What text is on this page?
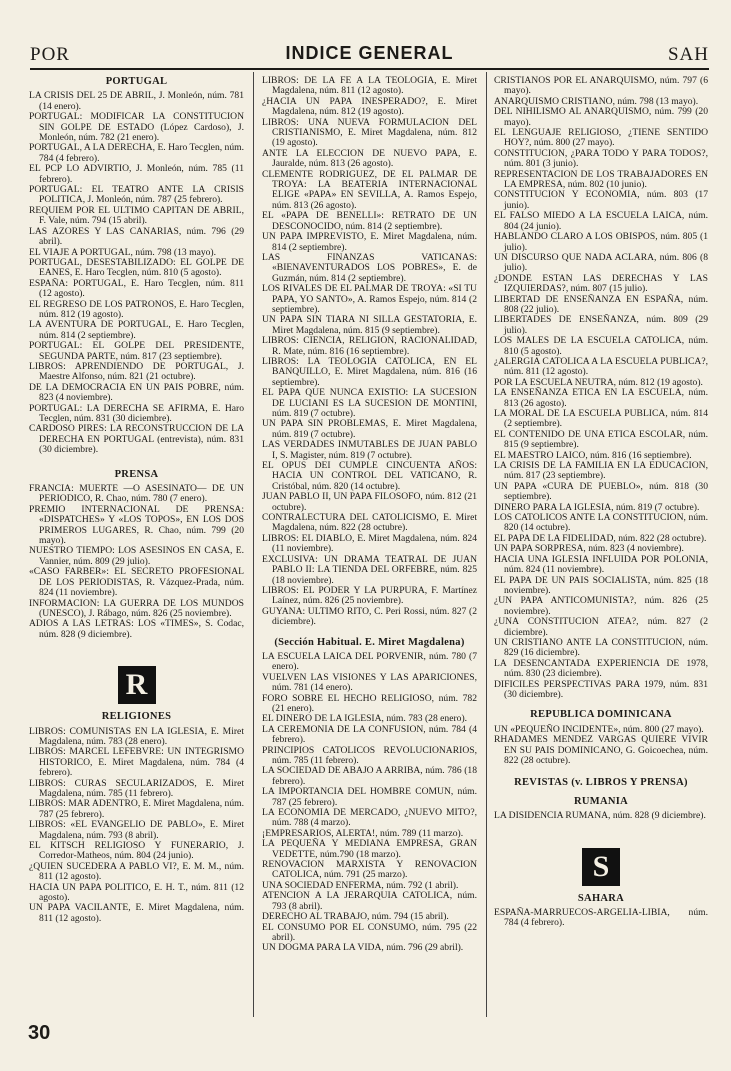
POR	INDICE GENERAL	SAH
PORTUGAL

LA CRISIS DEL 25 DE ABRIL, J. Monleón, núm. 781 (14 enero).

PORTUGAL: MODIFICAR LA CONSTITUCION SIN GOLPE DE ESTADO (López Cardoso), J. Monleón, núm. 782 (21 enero).

PORTUGAL, A LA DERECHA, E. Haro Tecglen, núm. 784 (4 febrero).

EL PCP LO ADVIRTIO, J. Monleón, núm. 785 (11 febrero).

PORTUGAL: EL TEATRO ANTE LA CRISIS POLITICA, J. Monleón, núm. 787 (25 febrero).

REQUIEM POR EL ULTIMO CAPITAN DE ABRIL, F. Vale, núm. 794 (15 abril).

LAS AZORES Y LAS CANARIAS, núm. 796 (29 abril).

EL VIAJE A PORTUGAL, núm. 798 (13 mayo).

PORTUGAL, DESESTABILIZADO: EL GOLPE DE EANES, E. Haro Tecglen, núm. 810 (5 agosto).

ESPAÑA: PORTUGAL, E. Haro Tecglen, núm. 811 (12 agosto).

EL REGRESO DE LOS PATRONOS, E. Haro Tecglen, núm. 812 (19 agosto).

LA AVENTURA DE PORTUGAL, E. Haro Tecglen, núm. 814 (2 septiembre).

PORTUGAL: EL GOLPE DEL PRESIDENTE, SEGUNDA PARTE, núm. 817 (23 septiembre).

LIBROS: APRENDIENDO DE PORTUGAL, J. Maestre Alfonso, núm. 821 (21 octubre).

DE LA DEMOCRACIA EN UN PAIS POBRE, núm. 823 (4 noviembre).

PORTUGAL: LA DERECHA SE AFIRMA, E. Haro Tecglen, núm. 831 (30 diciembre).

CARDOSO PIRES: LA RECONSTRUCCION DE LA DERECHA EN PORTUGAL (entrevista), núm. 831 (30 diciembre).

PRENSA

FRANCIA: MUERTE —O ASESINATO— DE UN PERIODICO, R. Chao, núm. 780 (7 enero).

PREMIO INTERNACIONAL DE PRENSA: «DISPATCHES» Y «LOS TOPOS», EN LOS DOS PRIMEROS LUGARES, R. Chao, núm. 799 (20 mayo).

NUESTRO TIEMPO: LOS ASESINOS EN CASA, E. Vannier, núm. 809 (29 julio).

«CASO FARBER»: EL SECRETO PROFESIONAL DE LOS PERIODISTAS, R. Vázquez-Prada, núm. 824 (11 noviembre).

INFORMACION: LA GUERRA DE LOS MUNDOS (UNESCO), J. Rábago, núm. 826 (25 noviembre).

ADIOS A LAS LETRAS: LOS «TIMES», S. Codac, núm. 828 (9 diciembre).

R
RELIGIONES

LIBROS: COMUNISTAS EN LA IGLESIA, E. Miret Magdalena, núm. 783 (28 enero).

LIBROS: MARCEL LEFEBVRE: UN INTEGRISMO HISTORICO, E. Miret Magdalena, núm. 784 (4 febrero).

LIBROS: CURAS SECULARIZADOS, E. Miret Magdalena, núm. 785 (11 febrero).

LIBROS: MAR ADENTRO, E. Miret Magdalena, núm. 787 (25 febrero).

LIBROS: «EL EVANGELIO DE PABLO», E. Miret Magdalena, núm. 793 (8 abril).

EL KITSCH RELIGIOSO Y FUNERARIO, J. Corredor-Matheos, núm. 804 (24 junio).

¿QUIEN SUCEDERA A PABLO VI?, E. M. M., núm. 811 (12 agosto).

HACIA UN PAPA POLITICO, E. H. T., núm. 811 (12 agosto).

UN PAPA VACILANTE, E. Miret Magdalena, núm. 811 (12 agosto).

LIBROS: DE LA FE A LA TEOLOGIA, E. Miret Magdalena, núm. 811 (12 agosto).

¿HACIA UN PAPA INESPERADO?, E. Miret Magdalena, núm. 812 (19 agosto).

LIBROS: UNA NUEVA FORMULACION DEL CRISTIANISMO, E. Miret Magdalena, núm. 812 (19 agosto).

ANTE LA ELECCION DE NUEVO PAPA, E. Jauralde, núm. 813 (26 agosto).

CLEMENTE RODRIGUEZ, DE EL PALMAR DE TROYA: LA BEATERIA INTERNACIONAL ELIGE «PAPA» EN SEVILLA, A. Ramos Espejo, núm. 813 (26 agosto).

EL «PAPA DE BENELLI»: RETRATO DE UN DESCONOCIDO, núm. 814 (2 septiembre).

UN PAPA IMPREVISTO, E. Miret Magdalena, núm. 814 (2 septiembre).

LAS FINANZAS VATICANAS: «BIENAVENTURADOS LOS POBRES», E. de Guzmán, núm. 814 (2 septiembre).

LOS RIVALES DE EL PALMAR DE TROYA: «SI TU PAPA, YO SANTO», A. Ramos Espejo, núm. 814 (2 septiembre).

UN PAPA SIN TIARA NI SILLA GESTATORIA, E. Miret Magdalena, núm. 815 (9 septiembre).

LIBROS: CIENCIA, RELIGION, RACIONALIDAD, R. Mate, núm. 816 (16 septiembre).

LIBROS: LA TEOLOGIA CATOLICA, EN EL BANQUILLO, E. Miret Magdalena, núm. 816 (16 septiembre).

EL PAPA QUE NUNCA EXISTIO: LA SUCESION DE LUCIANI ES LA SUCESION DE MONTINI, núm. 819 (7 octubre).

UN PAPA SIN PROBLEMAS, E. Miret Magdalena, núm. 819 (7 octubre).

LAS VERDADES INMUTABLES DE JUAN PABLO I, S. Magister, núm. 819 (7 octubre).

EL OPUS DEI CUMPLE CINCUENTA AÑOS: HACIA UN CONTROL DEL VATICANO, R. Cristóbal, núm. 820 (14 octubre).

JUAN PABLO II, UN PAPA FILOSOFO, núm. 812 (21 octubre).

CONTRALECTURA DEL CATOLICISMO, E. Miret Magdalena, núm. 822 (28 octubre).

LIBROS: EL DIABLO, E. Miret Magdalena, núm. 824 (11 noviembre).

EXCLUSIVA: UN DRAMA TEATRAL DE JUAN PABLO II: LA TIENDA DEL ORFEBRE, núm. 825 (18 noviembre).

LIBROS: EL PODER Y LA PURPURA, F. Martínez Laínez, núm. 826 (25 noviembre).

GUYANA: ULTIMO RITO, C. Peri Rossi, núm. 827 (2 diciembre).

(Sección Habitual. E. Miret Magdalena)

LA ESCUELA LAICA DEL PORVENIR, núm. 780 (7 enero).

VUELVEN LAS VISIONES Y LAS APARICIONES, núm. 781 (14 enero).

FORO SOBRE EL HECHO RELIGIOSO, núm. 782 (21 enero).

EL DINERO DE LA IGLESIA, núm. 783 (28 enero).

LA CEREMONIA DE LA CONFUSION, núm. 784 (4 febrero).

PRINCIPIOS CATOLICOS REVOLUCIONARIOS, núm. 785 (11 febrero).

LA SOCIEDAD DE ABAJO A ARRIBA, núm. 786 (18 febrero).

LA IMPORTANCIA DEL HOMBRE COMUN, núm. 787 (25 febrero).

LA ECONOMIA DE MERCADO, ¿NUEVO MITO?, núm. 788 (4 marzo).

¡EMPRESARIOS, ALERTA!, núm. 789 (11 marzo).

LA PEQUEÑA Y MEDIANA EMPRESA, GRAN VEDETTE, núm.790 (18 marzo).

RENOVACION MARXISTA Y RENOVACION CATOLICA, núm. 791 (25 marzo).

UNA SOCIEDAD ENFERMA, núm. 792 (1 abril).

ATENCION A LA JERARQUIA CATOLICA, núm. 793 (8 abril).

DERECHO AL TRABAJO, núm. 794 (15 abril).

EL CONSUMO POR EL CONSUMO, núm. 795 (22 abril).

UN DOGMA PARA LA VIDA, núm. 796 (29 abril).

CRISTIANOS POR EL ANARQUISMO, núm. 797 (6 mayo).

ANARQUISMO CRISTIANO, núm. 798 (13 mayo).

DEL NIHILISMO AL ANARQUISMO, núm. 799 (20 mayo).

EL LENGUAJE RELIGIOSO, ¿TIENE SENTIDO HOY?, núm. 800 (27 mayo).

CONSTITUCION, ¿PARA TODO Y PARA TODOS?, núm. 801 (3 junio).

REPRESENTACION DE LOS TRABAJADORES EN LA EMPRESA, núm. 802 (10 junio).

CONSTITUCION Y ECONOMIA, núm. 803 (17 junio).

EL FALSO MIEDO A LA ESCUELA LAICA, núm. 804 (24 junio).

HABLANDO CLARO A LOS OBISPOS, núm. 805 (1 julio).

UN DISCURSO QUE NADA ACLARA, núm. 806 (8 julio).

¿DONDE ESTAN LAS DERECHAS Y LAS IZQUIERDAS?, núm. 807 (15 julio).

LIBERTAD DE ENSEÑANZA EN ESPAÑA, núm. 808 (22 julio).

LIBERTADES DE ENSEÑANZA, núm. 809 (29 julio).

LOS MALES DE LA ESCUELA CATOLICA, núm. 810 (5 agosto).

¿ALERGIA CATOLICA A LA ESCUELA PUBLICA?, núm. 811 (12 agosto).

POR LA ESCUELA NEUTRA, núm. 812 (19 agosto).

LA ENSEÑANZA ETICA EN LA ESCUELA, núm. 813 (26 agosto).

LA MORAL DE LA ESCUELA PUBLICA, núm. 814 (2 septiembre).

EL CONTENIDO DE UNA ETICA ESCOLAR, núm. 815 (9 septiembre).

EL MAESTRO LAICO, núm. 816 (16 septiembre).

LA CRISIS DE LA FAMILIA EN LA EDUCACION, núm. 817 (23 septiembre).

UN PAPA «CURA DE PUEBLO», núm. 818 (30 septiembre).

DINERO PARA LA IGLESIA, núm. 819 (7 octubre).

LOS CATOLICOS ANTE LA CONSTITUCION, núm. 820 (14 octubre).

EL PAPA DE LA FIDELIDAD, núm. 822 (28 octubre).

UN PAPA SORPRESA, núm. 823 (4 noviembre).

HACIA UNA IGLESIA INFLUIDA POR POLONIA, núm. 824 (11 noviembre).

EL PAPA DE UN PAIS SOCIALISTA, núm. 825 (18 noviembre).

¿UN PAPA ANTICOMUNISTA?, núm. 826 (25 noviembre).

¿UNA CONSTITUCION ATEA?, núm. 827 (2 diciembre).

UN CRISTIANO ANTE LA CONSTITUCION, núm. 829 (16 diciembre).

LA DESENCANTADA EXPERIENCIA DE 1978, núm. 830 (23 diciembre).

DIFICILES PERSPECTIVAS PARA 1979, núm. 831 (30 diciembre).

REPUBLICA DOMINICANA

UN «PEQUEÑO INCIDENTE», núm. 800 (27 mayo).

RHADAMES MENDEZ VARGAS QUIERE VIVIR EN SU PAIS DOMINICANO, G. Goicoechea, núm. 822 (28 octubre).

REVISTAS (v. LIBROS Y PRENSA)
RUMANIA

LA DISIDENCIA RUMANA, núm. 828 (9 diciembre).

S
SAHARA

ESPAÑA-MARRUECOS-ARGELIA-LIBIA, núm. 784 (4 febrero).

30
